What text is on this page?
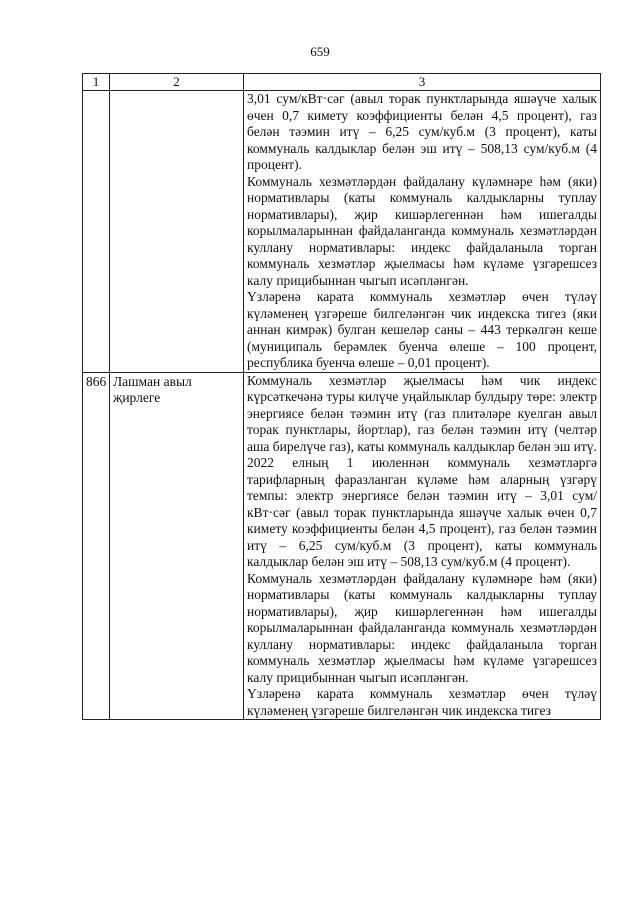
659
1	2	3

		3,01 сум/кВт·сәг (авыл торак пунктларында яшәүче халык өчен 0,7 кимету коэффициенты белән 4,5 процент), газ белән тәэмин итү – 6,25 сум/куб.м (3 процент), каты коммуналь калдыклар белән эш итү – 508,13 сум/куб.м (4 процент).

Коммуналь хезмәтләрдән файдалану күләмнәре һәм (яки) нормативлары (каты коммуналь калдыкларны туплау нормативлары), җир кишәрлегеннән һәм ишегалды корылмаларыннан файдаланганда коммуналь хезмәтләрдән куллану нормативлары: индекс файдаланыла торган коммуналь хезмәтләр җыелмасы һәм күләме үзгәрешсез калу прицибыннан чыгып исәпләнгән.

Үзләренә карата коммуналь хезмәтләр өчен түләү күләменең үзгәреше билгеләнгән чик индекска тигез (яки аннан кимрәк) булган кешеләр саны – 443 теркәлгән кеше (муниципаль берәмлек буенча өлеше – 100 процент, республика буенча өлеше – 0,01 процент).

866	Лашман авыл җирлеге	Коммуналь хезмәтләр җыелмасы һәм чик индекс күрсәткечәнә туры килүче уңайлыклар булдыру төре: электр энергиясе белән тәэмин итү (газ плитәләре куелган авыл торак пунктлары, йортлар), газ белән тәэмин итү (челтәр аша бирелүче газ), каты коммуналь калдыклар белән эш итү.

2022 елның 1 июленнән коммуналь хезмәтләргә тарифларның фаразланган күләме һәм аларның үзгәрү темпы: электр энергиясе белән тәэмин итү – 3,01 сум/кВт·сәг (авыл торак пунктларында яшәүче халык өчен 0,7 кимету коэффициенты белән 4,5 процент), газ белән тәэмин итү – 6,25 сум/куб.м (3 процент), каты коммуналь калдыклар белән эш итү – 508,13 сум/куб.м (4 процент).

Коммуналь хезмәтләрдән файдалану күләмнәре һәм (яки) нормативлары (каты коммуналь калдыкларны туплау нормативлары), җир кишәрлегеннән һәм ишегалды корылмаларыннан файдаланганда коммуналь хезмәтләрдән куллану нормативлары: индекс файдаланыла торган коммуналь хезмәтләр җыелмасы һәм күләме үзгәрешсез калу прицибыннан чыгып исәпләнгән.

Үзләренә карата коммуналь хезмәтләр өчен түләү күләменең үзгәреше билгеләнгән чик индекска тигез
